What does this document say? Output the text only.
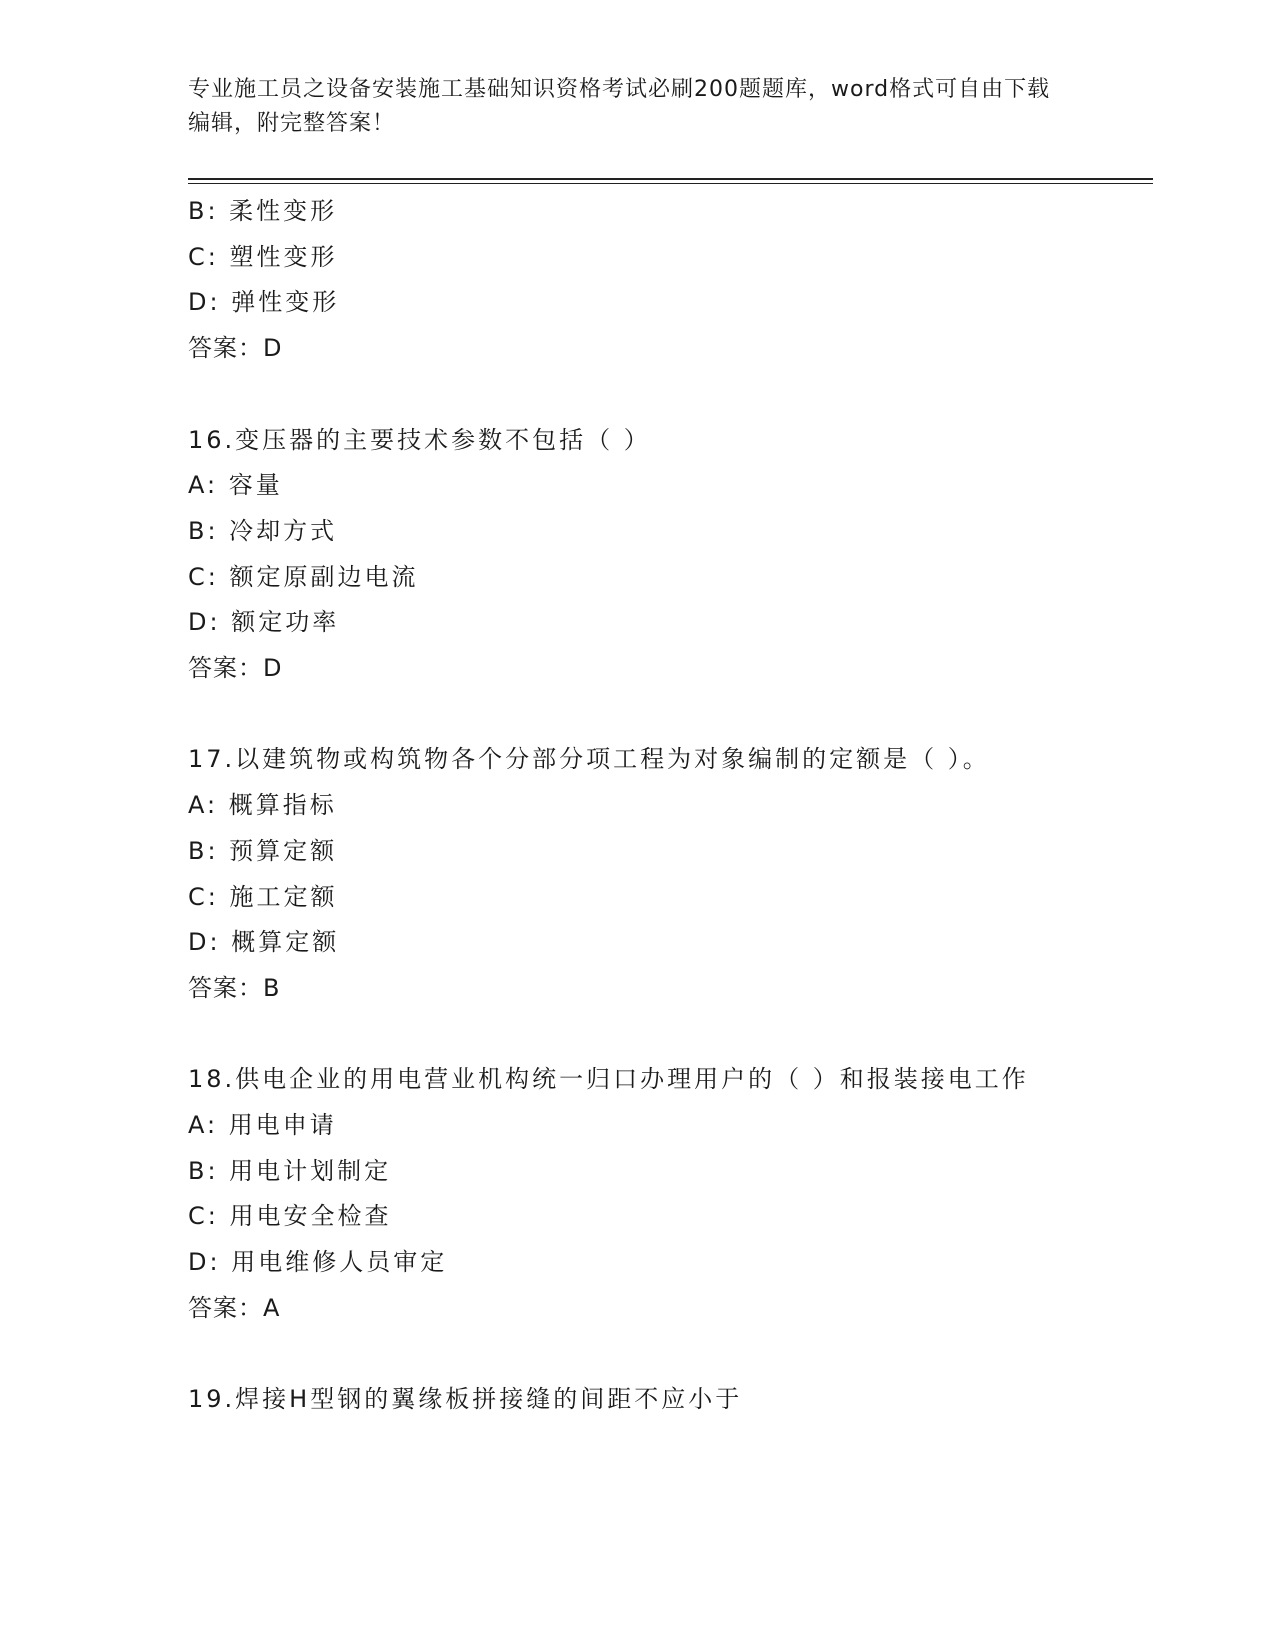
专业施工员之设备安装施工基础知识资格考试必刷200题题库，word格式可自由下载编辑，附完整答案！
B: 柔性变形
C: 塑性变形
D: 弹性变形
答案：D
16.变压器的主要技术参数不包括（ ）
A: 容量
B: 冷却方式
C: 额定原副边电流
D: 额定功率
答案：D
17.以建筑物或构筑物各个分部分项工程为对象编制的定额是（ ）。
A: 概算指标
B: 预算定额
C: 施工定额
D: 概算定额
答案：B
18.供电企业的用电营业机构统一归口办理用户的（ ）和报装接电工作
A: 用电申请
B: 用电计划制定
C: 用电安全检查
D: 用电维修人员审定
答案：A
19.焊接H型钢的翼缘板拼接缝的间距不应小于
